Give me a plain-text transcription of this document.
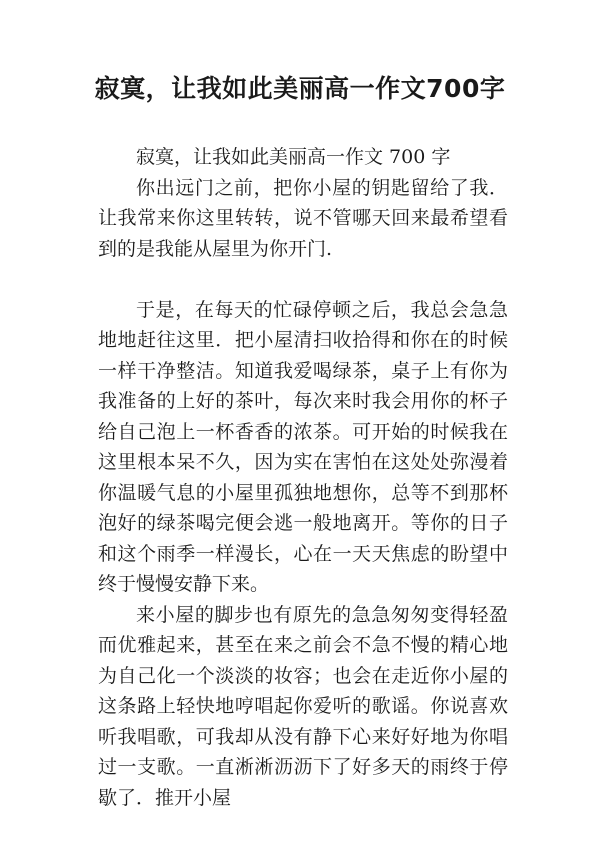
寂寞，让我如此美丽高一作文700字

寂寞，让我如此美丽高一作文 700 字

你出远门之前，把你小屋的钥匙留给了我．让我常来你这里转转，说不管哪天回来最希望看到的是我能从屋里为你开门.

于是，在每天的忙碌停顿之后，我总会急急地地赶往这里．把小屋清扫收拾得和你在的时候一样干净整洁。知道我爱喝绿茶，桌子上有你为我准备的上好的茶叶，每次来时我会用你的杯子给自己泡上一杯香香的浓茶。可开始的时候我在这里根本呆不久，因为实在害怕在这处处弥漫着你温暖气息的小屋里孤独地想你，总等不到那杯泡好的绿茶喝完便会逃一般地离开。等你的日子和这个雨季一样漫长，心在一天天焦虑的盼望中终于慢慢安静下来。

来小屋的脚步也有原先的急急匆匆变得轻盈而优雅起来，甚至在来之前会不急不慢的精心地为自己化一个淡淡的妆容；也会在走近你小屋的这条路上轻快地哼唱起你爱听的歌谣。你说喜欢听我唱歌，可我却从没有静下心来好好地为你唱过一支歌。一直淅淅沥沥下了好多天的雨终于停歇了．推开小屋
